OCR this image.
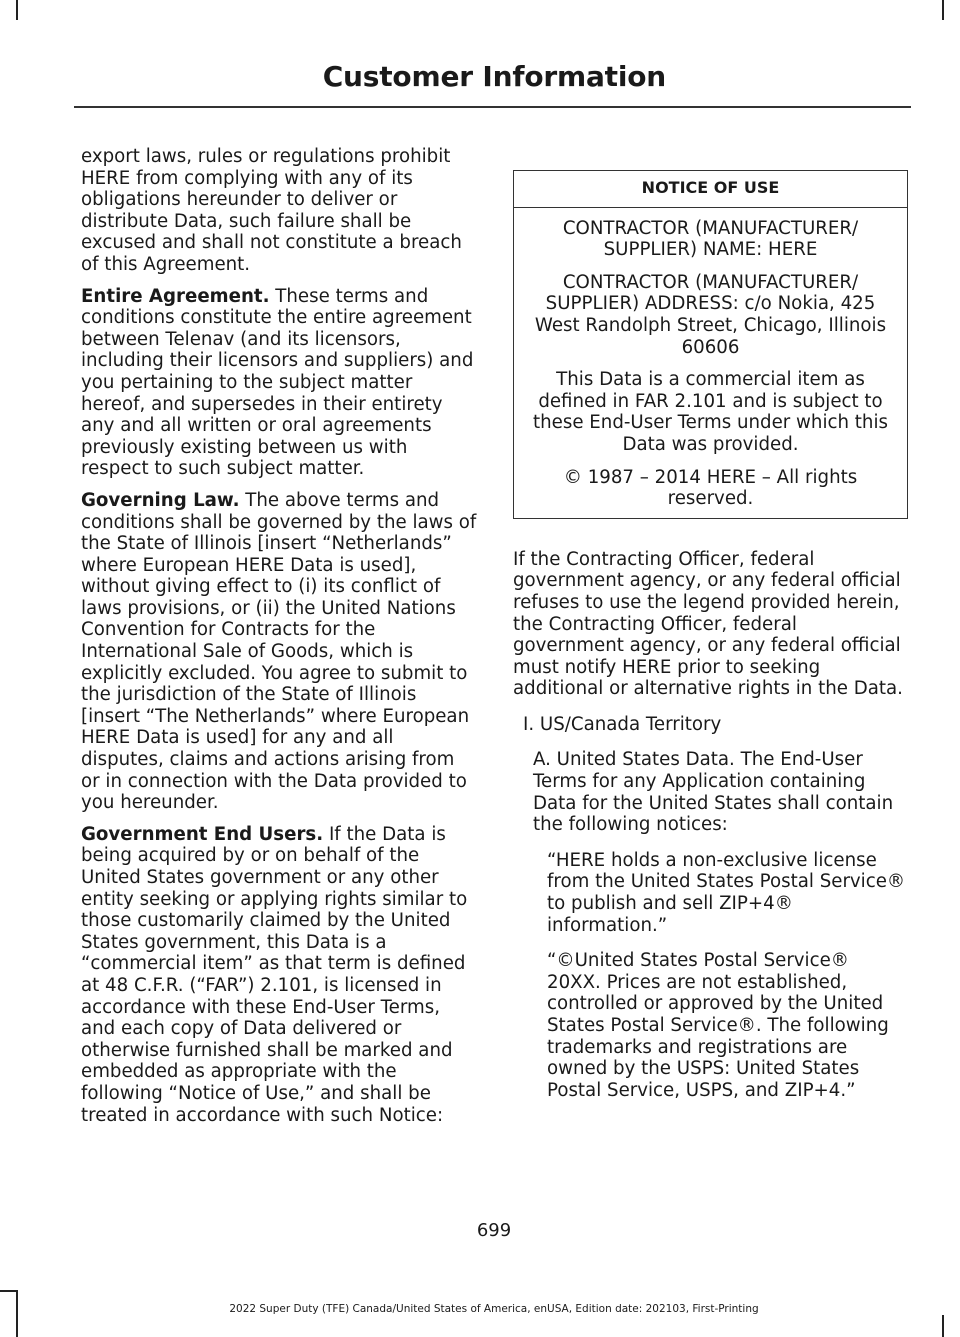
Customer Information

export laws, rules or regulations prohibit HERE from complying with any of its obligations hereunder to deliver or distribute Data, such failure shall be excused and shall not constitute a breach of this Agreement.

Entire Agreement. These terms and conditions constitute the entire agreement between Telenav (and its licensors, including their licensors and suppliers) and you pertaining to the subject matter hereof, and supersedes in their entirety any and all written or oral agreements previously existing between us with respect to such subject matter.

Governing Law. The above terms and conditions shall be governed by the laws of the State of Illinois [insert “Netherlands” where European HERE Data is used], without giving effect to (i) its conflict of laws provisions, or (ii) the United Nations Convention for Contracts for the International Sale of Goods, which is explicitly excluded. You agree to submit to the jurisdiction of the State of Illinois [insert “The Netherlands” where European HERE Data is used] for any and all disputes, claims and actions arising from or in connection with the Data provided to you hereunder.

Government End Users. If the Data is being acquired by or on behalf of the United States government or any other entity seeking or applying rights similar to those customarily claimed by the United States government, this Data is a “commercial item” as that term is defined at 48 C.F.R. (“FAR”) 2.101, is licensed in accordance with these End-User Terms, and each copy of Data delivered or otherwise furnished shall be marked and embedded as appropriate with the following “Notice of Use,” and shall be treated in accordance with such Notice:

NOTICE OF USE

CONTRACTOR (MANUFACTURER/ SUPPLIER) NAME: HERE

CONTRACTOR (MANUFACTURER/ SUPPLIER) ADDRESS: c/o Nokia, 425 West Randolph Street, Chicago, Illinois 60606

This Data is a commercial item as defined in FAR 2.101 and is subject to these End-User Terms under which this Data was provided.

© 1987 – 2014 HERE – All rights reserved.

If the Contracting Officer, federal government agency, or any federal official refuses to use the legend provided herein, the Contracting Officer, federal government agency, or any federal official must notify HERE prior to seeking additional or alternative rights in the Data.

I. US/Canada Territory

A. United States Data. The End-User Terms for any Application containing Data for the United States shall contain the following notices:

“HERE holds a non-exclusive license from the United States Postal Service® to publish and sell ZIP+4® information.”

“©United States Postal Service® 20XX. Prices are not established, controlled or approved by the United States Postal Service®. The following trademarks and registrations are owned by the USPS: United States Postal Service, USPS, and ZIP+4.”

699
2022 Super Duty (TFE) Canada/United States of America, enUSA, Edition date: 202103, First-Printing
